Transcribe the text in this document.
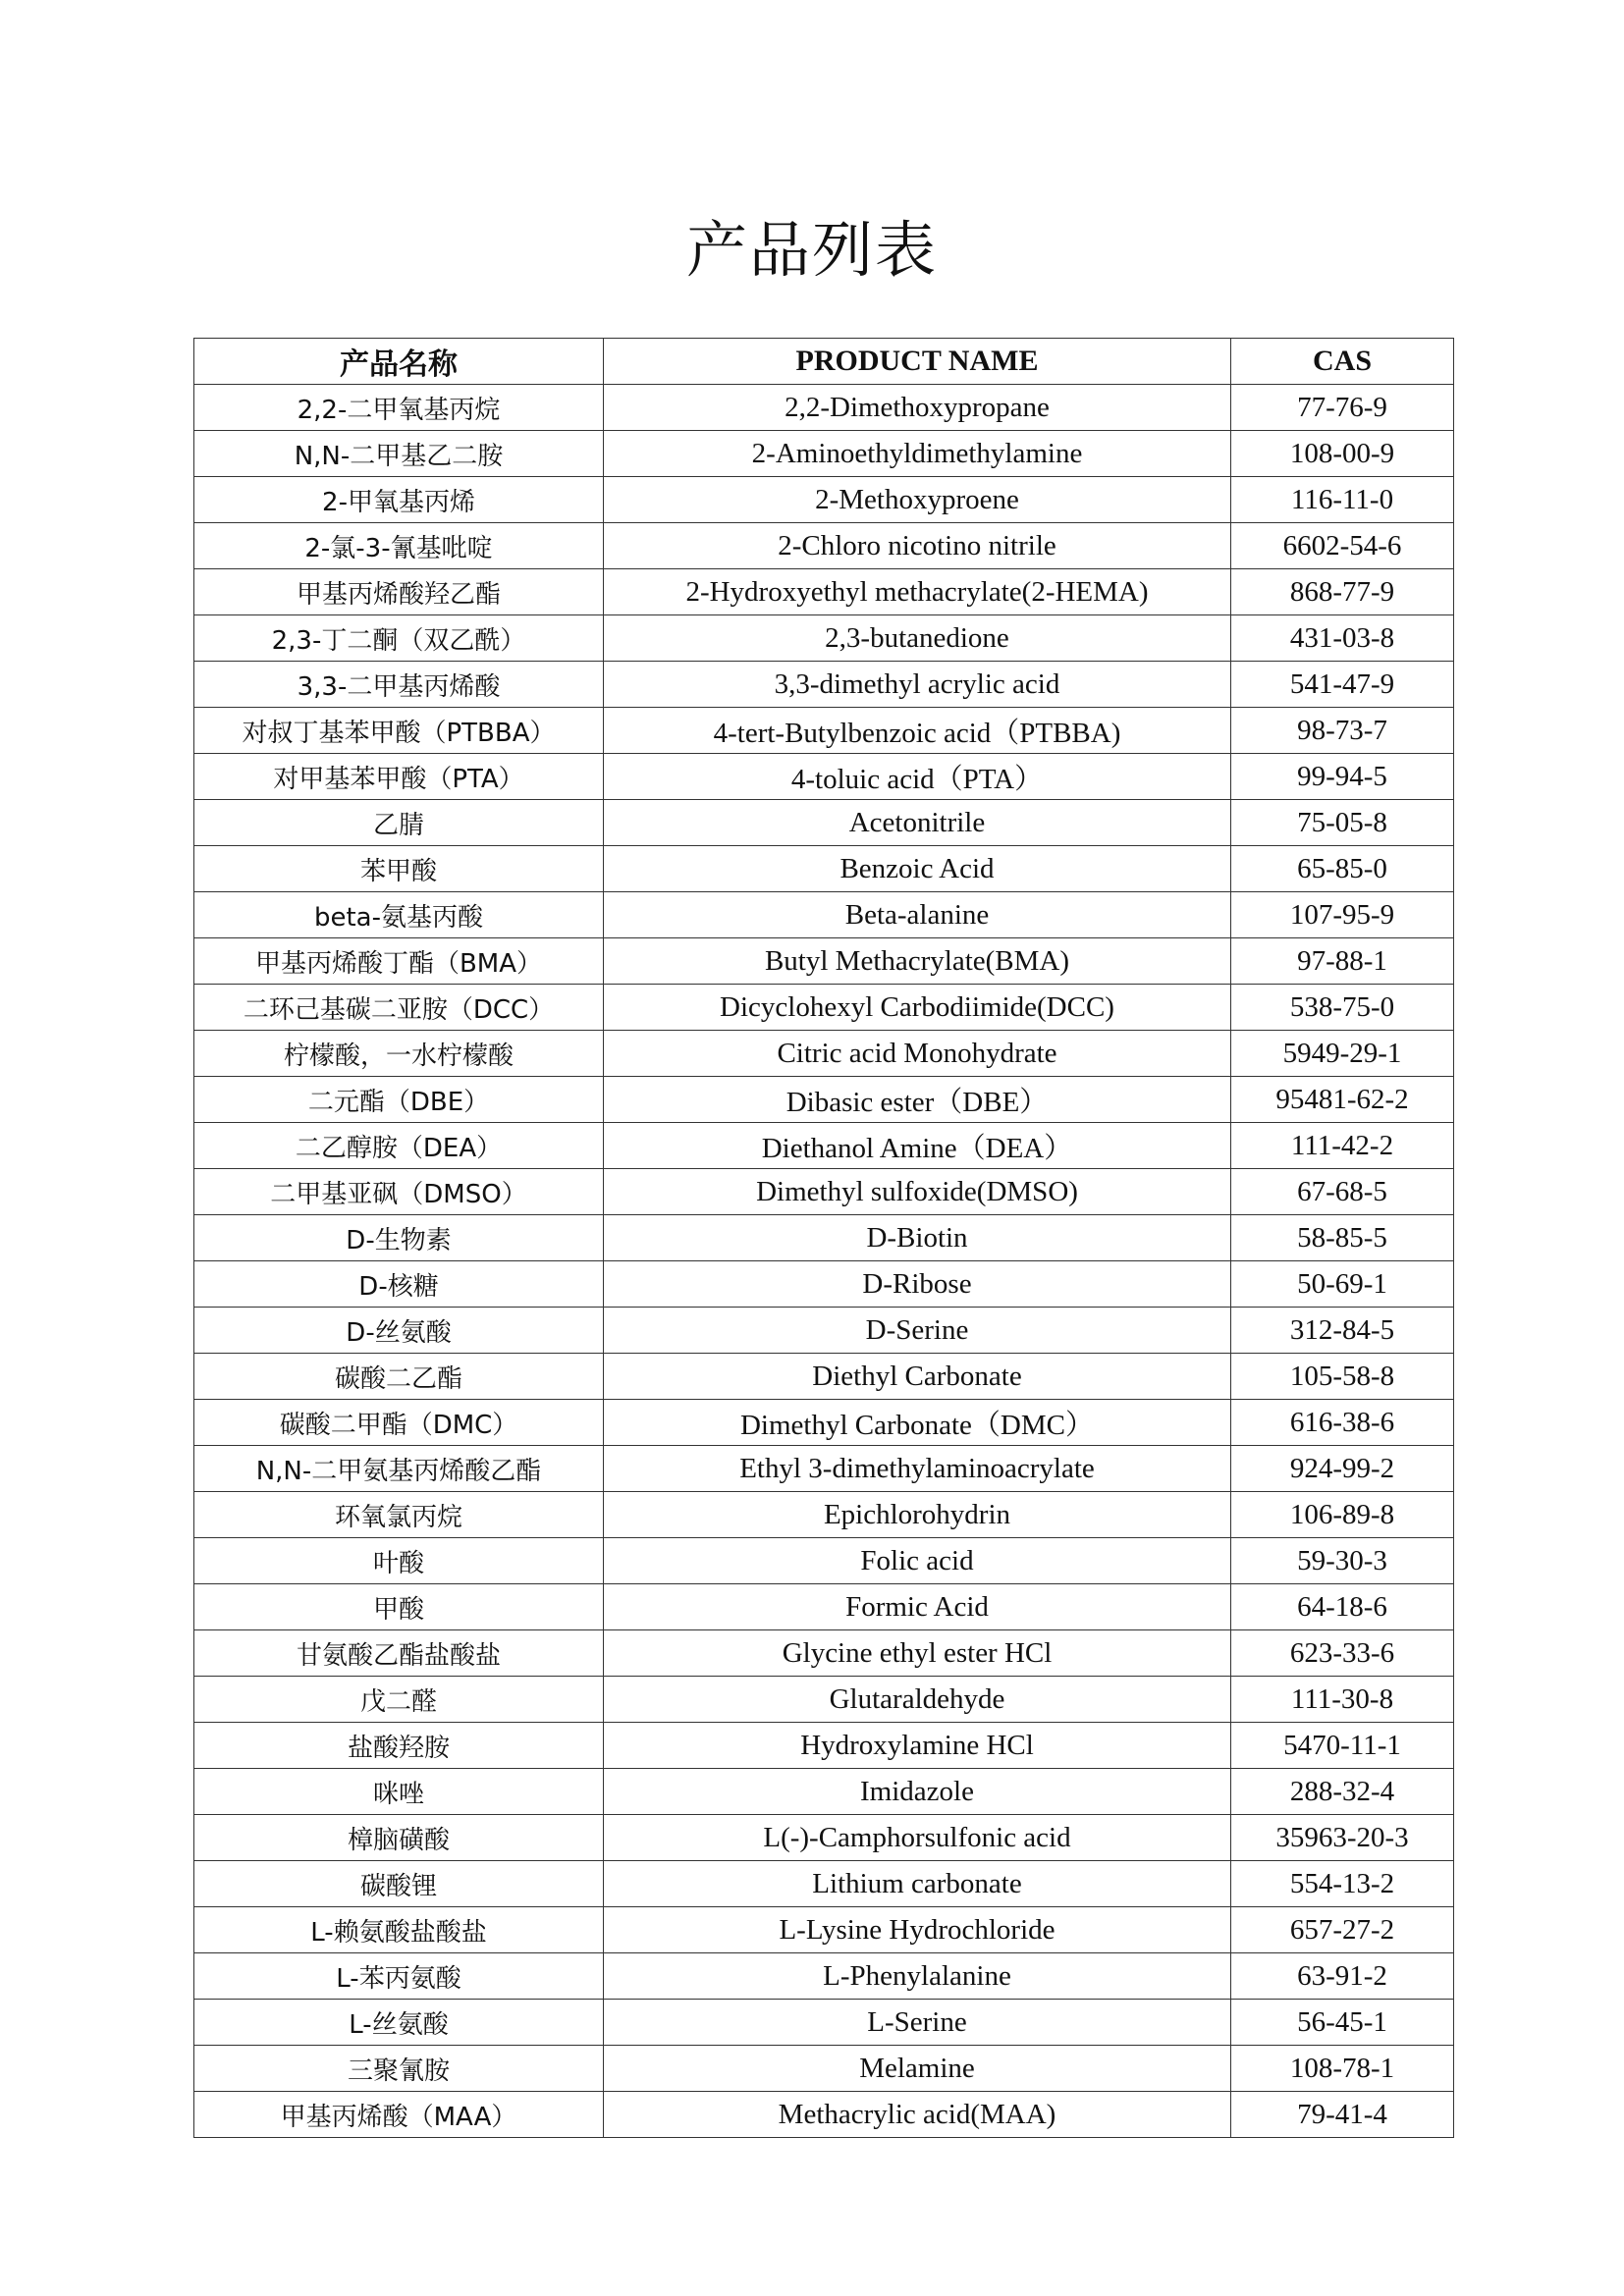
产品列表
产品名称	PRODUCT NAME	CAS
2,2-二甲氧基丙烷	2,2-Dimethoxypropane	77-76-9
N,N-二甲基乙二胺	2-Aminoethyldimethylamine	108-00-9
2-甲氧基丙烯	2-Methoxyproene	116-11-0
2-氯-3-氰基吡啶	2-Chloro nicotino nitrile	6602-54-6
甲基丙烯酸羟乙酯	2-Hydroxyethyl methacrylate(2-HEMA)	868-77-9
2,3-丁二酮（双乙酰）	2,3-butanedione	431-03-8
3,3-二甲基丙烯酸	3,3-dimethyl acrylic acid	541-47-9
对叔丁基苯甲酸（PTBBA）	4-tert-Butylbenzoic acid（PTBBA)	98-73-7
对甲基苯甲酸（PTA）	4-toluic acid（PTA）	99-94-5
乙腈	Acetonitrile	75-05-8
苯甲酸	Benzoic Acid	65-85-0
beta-氨基丙酸	Beta-alanine	107-95-9
甲基丙烯酸丁酯（BMA）	Butyl Methacrylate(BMA)	97-88-1
二环己基碳二亚胺（DCC）	Dicyclohexyl Carbodiimide(DCC)	538-75-0
柠檬酸，一水柠檬酸	Citric acid Monohydrate	5949-29-1
二元酯（DBE）	Dibasic ester（DBE）	95481-62-2
二乙醇胺（DEA）	Diethanol Amine（DEA）	111-42-2
二甲基亚砜（DMSO）	Dimethyl sulfoxide(DMSO)	67-68-5
D-生物素	D-Biotin	58-85-5
D-核糖	D-Ribose	50-69-1
D-丝氨酸	D-Serine	312-84-5
碳酸二乙酯	Diethyl Carbonate	105-58-8
碳酸二甲酯（DMC）	Dimethyl Carbonate（DMC）	616-38-6
N,N-二甲氨基丙烯酸乙酯	Ethyl 3-dimethylaminoacrylate	924-99-2
环氧氯丙烷	Epichlorohydrin	106-89-8
叶酸	Folic acid	59-30-3
甲酸	Formic Acid	64-18-6
甘氨酸乙酯盐酸盐	Glycine ethyl ester HCl	623-33-6
戊二醛	Glutaraldehyde	111-30-8
盐酸羟胺	Hydroxylamine HCl	5470-11-1
咪唑	Imidazole	288-32-4
樟脑磺酸	L(-)-Camphorsulfonic acid	35963-20-3
碳酸锂	Lithium carbonate	554-13-2
L-赖氨酸盐酸盐	L-Lysine Hydrochloride	657-27-2
L-苯丙氨酸	L-Phenylalanine	63-91-2
L-丝氨酸	L-Serine	56-45-1
三聚氰胺	Melamine	108-78-1
甲基丙烯酸（MAA）	Methacrylic acid(MAA)	79-41-4
